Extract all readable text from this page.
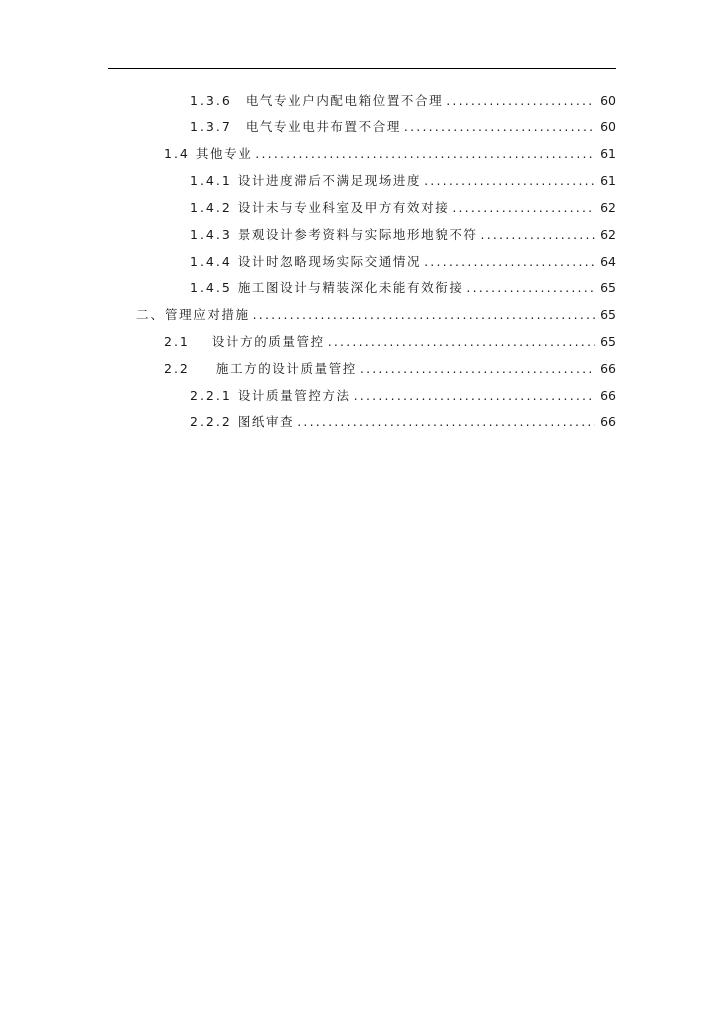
1.3.6 电气专业户内配电箱位置不合理 .....	60
1.3.7 电气专业电井布置不合理 .....	60
1.4 其他专业 .....	61
1.4.1 设计进度滞后不满足现场进度 .....	61
1.4.2 设计未与专业科室及甲方有效对接 .....	62
1.4.3 景观设计参考资料与实际地形地貌不符 .....	62
1.4.4 设计时忽略现场实际交通情况 .....	64
1.4.5 施工图设计与精装深化未能有效衔接 .....	65
二、 管理应对措施 .....	65
2.1 设计方的质量管控 .....	65
2.2 施工方的设计质量管控 .....	66
2.2.1 设计质量管控方法 .....	66
2.2.2 图纸审查 .....	66
